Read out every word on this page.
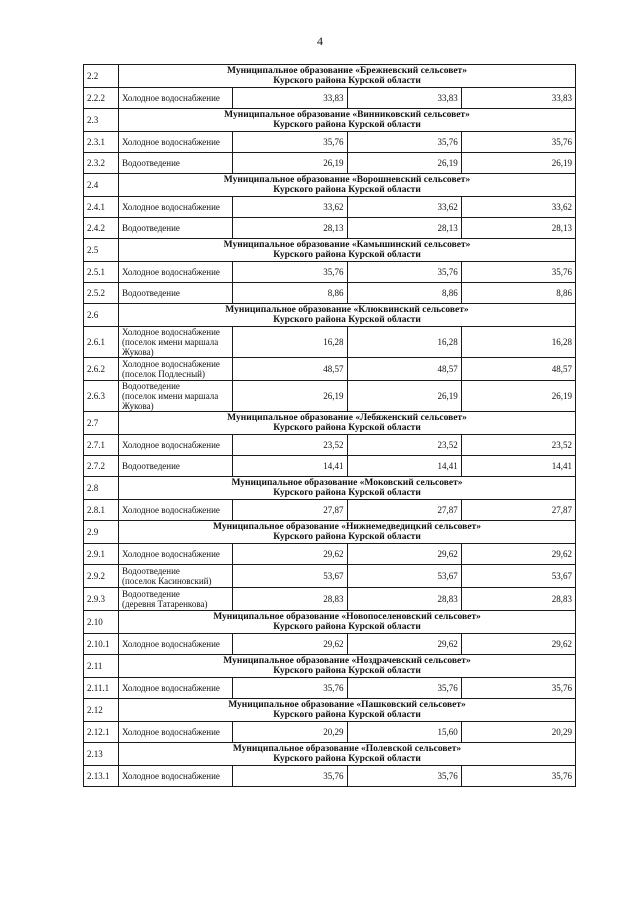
4
2.2	Муниципальное образование «Брежневский сельсовет»
Курского района Курской области			

2.2.2	Холодное водоснабжение	33,83	33,83	33,83
2.3	Муниципальное образование «Винниковский сельсовет»
Курского района Курской области			

2.3.1	Холодное водоснабжение	35,76	35,76	35,76
2.3.2	Водоотведение	26,19	26,19	26,19
2.4	Муниципальное образование «Ворошневский сельсовет»
Курского района Курской области			

2.4.1	Холодное водоснабжение	33,62	33,62	33,62
2.4.2	Водоотведение	28,13	28,13	28,13
2.5	Муниципальное образование «Камышинский сельсовет»
Курского района Курской области			

2.5.1	Холодное водоснабжение	35,76	35,76	35,76
2.5.2	Водоотведение	8,86	8,86	8,86
2.6	Муниципальное образование «Клюквинский сельсовет»
Курского района Курской области			

2.6.1	Холодное водоснабжение
(поселок имени маршала Жукова)	16,28	16,28	16,28
2.6.2	Холодное водоснабжение
(поселок Подлесный)	48,57	48,57	48,57
2.6.3	Водоотведение
(поселок имени маршала Жукова)	26,19	26,19	26,19
2.7	Муниципальное образование «Лебяженский сельсовет»
Курского района Курской области			

2.7.1	Холодное водоснабжение	23,52	23,52	23,52
2.7.2	Водоотведение	14,41	14,41	14,41
2.8	Муниципальное образование «Моковский сельсовет»
Курского района Курской области			

2.8.1	Холодное водоснабжение	27,87	27,87	27,87
2.9	Муниципальное образование «Нижнемедведицкий сельсовет»
Курского района Курской области			

2.9.1	Холодное водоснабжение	29,62	29,62	29,62
2.9.2	Водоотведение
(поселок Касиновский)	53,67	53,67	53,67
2.9.3	Водоотведение
(деревня Татаренкова)	28,83	28,83	28,83
2.10	Муниципальное образование «Новопоселеновский сельсовет»
Курского района Курской области			

2.10.1	Холодное водоснабжение	29,62	29,62	29,62
2.11	Муниципальное образование «Ноздрачевский сельсовет»
Курского района Курской области			

2.11.1	Холодное водоснабжение	35,76	35,76	35,76
2.12	Муниципальное образование «Пашковский сельсовет»
Курского района Курской области			

2.12.1	Холодное водоснабжение	20,29	15,60	20,29
2.13	Муниципальное образование «Полевской сельсовет»
Курского района Курской области			

2.13.1	Холодное водоснабжение	35,76	35,76	35,76
